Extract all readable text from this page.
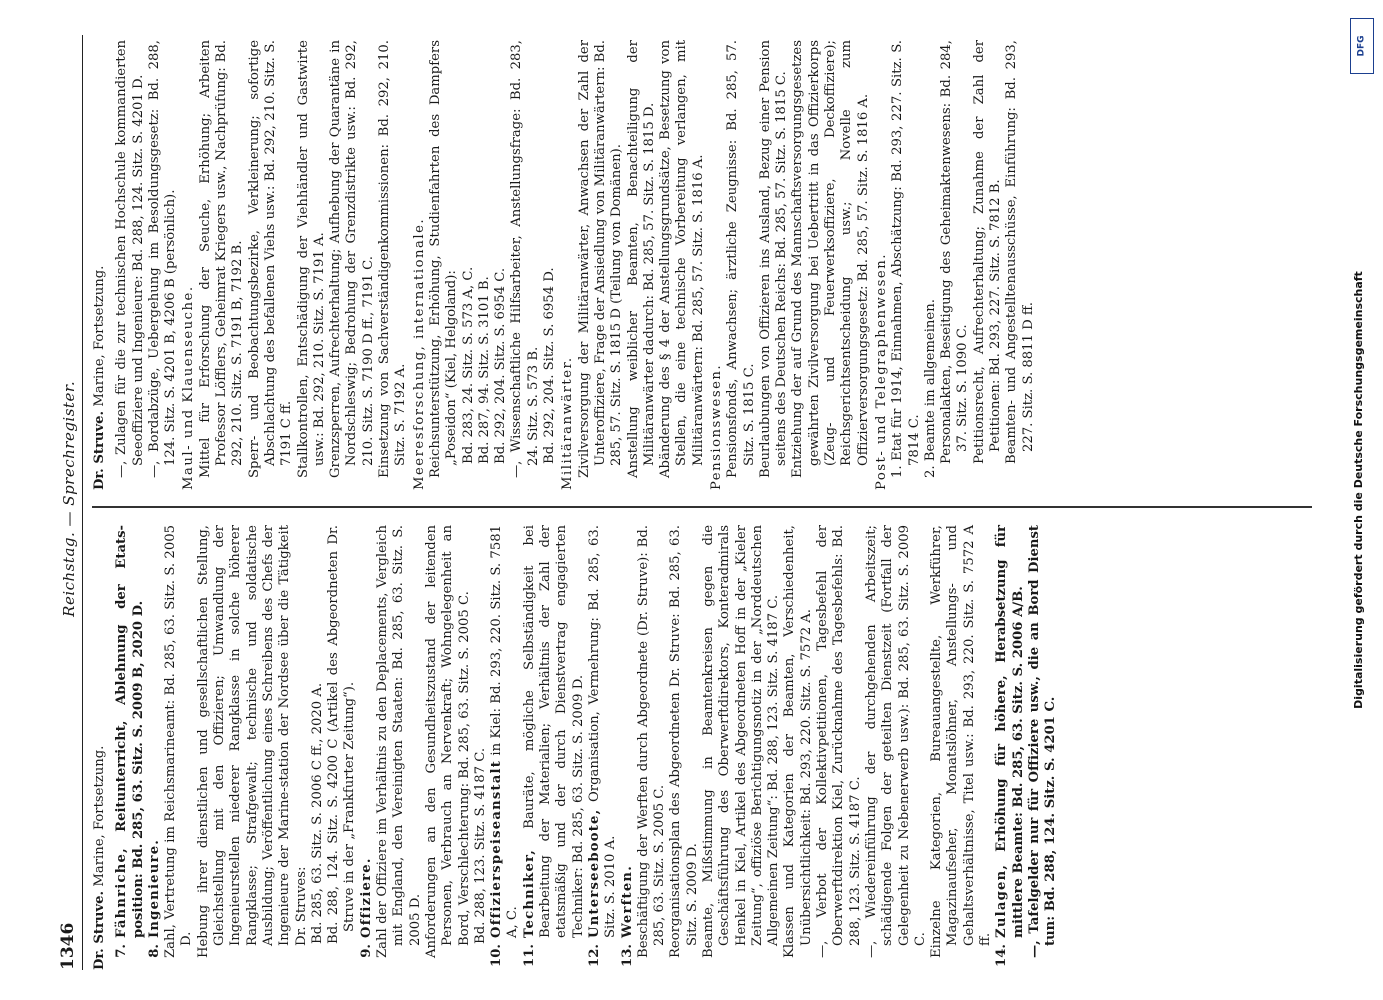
1346
Reichstag. — Sprechregister.
Dr. Struve. Marine, Fortsetzung.
7.
Fähnriche, Reitunterricht, Ablehnung der Etats-position: Bd. 285, 63. Sitz. S. 2009 B, 2020 D.
8.
Ingenieure. Zahl, Vertretung im Reichsmarineamt: Bd. 285, 63. Sitz. S. 2005 D. Hebung ihrer dienstlichen und gesellschaftlichen Stellung, Gleichstellung mit den Offizieren; Umwandlung der Ingenieurstellen niederer Rangklasse in solche höherer Rangklasse; Strafgewalt; technische und soldatische Ausbildung; Veröffentlichung eines Schreibens des Chefs der Ingenieure der Marine-station der Nordsee über die Tätigkeit Dr. Struves: Bd. 285, 63. Sitz. S. 2006 C ff., 2020 A. Bd. 288, 124. Sitz. S. 4200 C (Artikel des Abgeordneten Dr. Struve in der „Frankfurter Zeitung“).

9.
Offiziere. Zahl der Offiziere im Verhältnis zu den Deplacements, Vergleich mit England, den Vereinigten Staaten: Bd. 285, 63. Sitz. S. 2005 D. Anforderungen an den Gesundheitszustand der leitenden Personen, Verbrauch an Nervenkraft; Wohngelegenheit an Bord, Verschlechterung: Bd. 285, 63. Sitz. S. 2005 C. Bd. 288, 123. Sitz. S. 4187 C.

10.
Offizierspeiseanstalt in Kiel: Bd. 293, 220. Sitz. S. 7581 A, C.
11.
Techniker, Bauräte, mögliche Selbständigkeit bei Bearbeitung der Materialien; Verhältnis der Zahl der etatsmäßig und der durch Dienstvertrag engagierten Techniker: Bd. 285, 63. Sitz. S. 2009 D.
12.
Unterseeboote, Organisation, Vermehrung: Bd. 285, 63. Sitz. S. 2010 A.
13.
Werften. Beschäftigung der Werften durch Abgeordnete (Dr. Struve): Bd. 285, 63. Sitz. S. 2005 C. Reorganisationsplan des Abgeordneten Dr. Struve: Bd. 285, 63. Sitz. S. 2009 D. Beamte, Mißstimmung in Beamtenkreisen gegen die Geschäftsführung des Oberwerftdirektors, Konteradmirals Henkel in Kiel, Artikel des Abgeordneten Hoff in der „Kieler Zeitung“, offiziöse Berichtigungsnotiz in der „Norddeutschen Allgemeinen Zeitung“: Bd. 288, 123. Sitz. S. 4187 C. Klassen und Kategorien der Beamten, Verschiedenheit, Unübersichtlichkeit: Bd. 293, 220. Sitz. S. 7572 A. —, Verbot der Kollektivpetitionen, Tagesbefehl der Oberwerftdirektion Kiel, Zurücknahme des Tagesbefehls: Bd. 288, 123. Sitz. S. 4187 C. —, Wiedereinführung der durchgehenden Arbeitszeit; schädigende Folgen der geteilten Dienstzeit (Fortfall der Gelegenheit zu Nebenerwerb usw.): Bd. 285, 63. Sitz. S. 2009 C. Einzelne Kategorien, Bureauangestellte, Werkführer, Magazinaufseher, Monatslöhner, Anstellungs- und Gehaltsverhältnisse, Titel usw.: Bd. 293, 220. Sitz. S. 7572 A ff.

14.
Zulagen, Erhöhung für höhere, Herabsetzung für mittlere Beamte: Bd. 285, 63. Sitz. S. 2006 A/B. —, Tafelgelder nur für Offiziere usw., die an Bord Dienst tun: Bd. 288, 124. Sitz. S. 4201 C.

Dr. Struve. Marine, Fortsetzung. —, Zulagen für die zur technischen Hochschule kommandierten Seeoffiziere und Ingenieure: Bd. 288, 124. Sitz. S. 4201 D. —, Bordabzüge, Uebergehung im Besoldungsgesetz: Bd. 288, 124. Sitz. S. 4201 B, 4206 B (persönlich). Maul- und Klauenseuche. Mittel für Erforschung der Seuche, Erhöhung; Arbeiten Professor Löfflers, Geheimrat Kriegers usw., Nachprüfung: Bd. 292, 210. Sitz. S. 7191 B, 7192 B. Sperr- und Beobachtungsbezirke, Verkleinerung; sofortige Abschlachtung des befallenen Viehs usw.: Bd. 292, 210. Sitz. S. 7191 C ff. Stallkontrollen, Entschädigung der Viehhändler und Gastwirte usw.: Bd. 292, 210. Sitz. S. 7191 A. Grenzsperren, Aufrechterhaltung; Aufhebung der Quarantäne in Nordschleswig; Bedrohung der Grenzdistrikte usw.: Bd. 292, 210. Sitz. S. 7190 D ff., 7191 C. Einsetzung von Sachverständigenkommissionen: Bd. 292, 210. Sitz. S. 7192 A. Meeresforschung, internationale. Reichsunterstützung, Erhöhung, Studienfahrten des Dampfers „Poseidon“ (Kiel, Helgoland): Bd. 283, 24. Sitz. S. 573 A, C. Bd. 287, 94. Sitz. S. 3101 B. Bd. 292, 204. Sitz. S. 6954 C. —, Wissenschaftliche Hilfsarbeiter, Anstellungsfrage: Bd. 283, 24. Sitz. S. 573 B. Bd. 292, 204. Sitz. S. 6954 D. Militäranwärter. Zivilversorgung der Militäranwärter, Anwachsen der Zahl der Unteroffiziere, Frage der Ansiedlung von Militäranwärtern: Bd. 285, 57. Sitz. S. 1815 D (Teilung von Domänen). Anstellung weiblicher Beamten, Benachteiligung der Militäranwärter dadurch: Bd. 285, 57. Sitz. S. 1815 D. Abänderung des § 4 der Anstellungsgrundsätze, Besetzung von Stellen, die eine technische Vorbereitung verlangen, mit Militäranwärtern: Bd. 285, 57. Sitz. S. 1816 A. Pensionswesen. Pensionsfonds, Anwachsen; ärztliche Zeugnisse: Bd. 285, 57. Sitz. S. 1815 C. Beurlaubungen von Offizieren ins Ausland, Bezug einer Pension seitens des Deutschen Reichs: Bd. 285, 57. Sitz. S. 1815 C. Entziehung der auf Grund des Mannschaftsversorgungsgesetzes gewährten Zivilversorgung bei Uebertritt in das Offizierkorps (Zeug- und Feuerwerksoffiziere, Deckoffiziere); Reichsgerichtsentscheidung usw.; Novelle zum Offizierversorgungsgesetz: Bd. 285, 57. Sitz. S. 1816 A. Post- und Telegraphenwesen. 1. Etat für 1914, Einnahmen, Abschätzung: Bd. 293, 227. Sitz. S. 7814 C. 2. Beamte im allgemeinen. Personalakten, Beseitigung des Geheimaktenwesens: Bd. 284, 37. Sitz. S. 1090 C. Petitionsrecht, Aufrechterhaltung; Zunahme der Zahl der Petitionen: Bd. 293, 227. Sitz. S. 7812 B. Beamten- und Angestelltenausschüsse, Einführung: Bd. 293, 227. Sitz. S. 8811 D ff.

DFG
Digitalisierung gefördert durch die Deutsche Forschungsgemeinschaft
